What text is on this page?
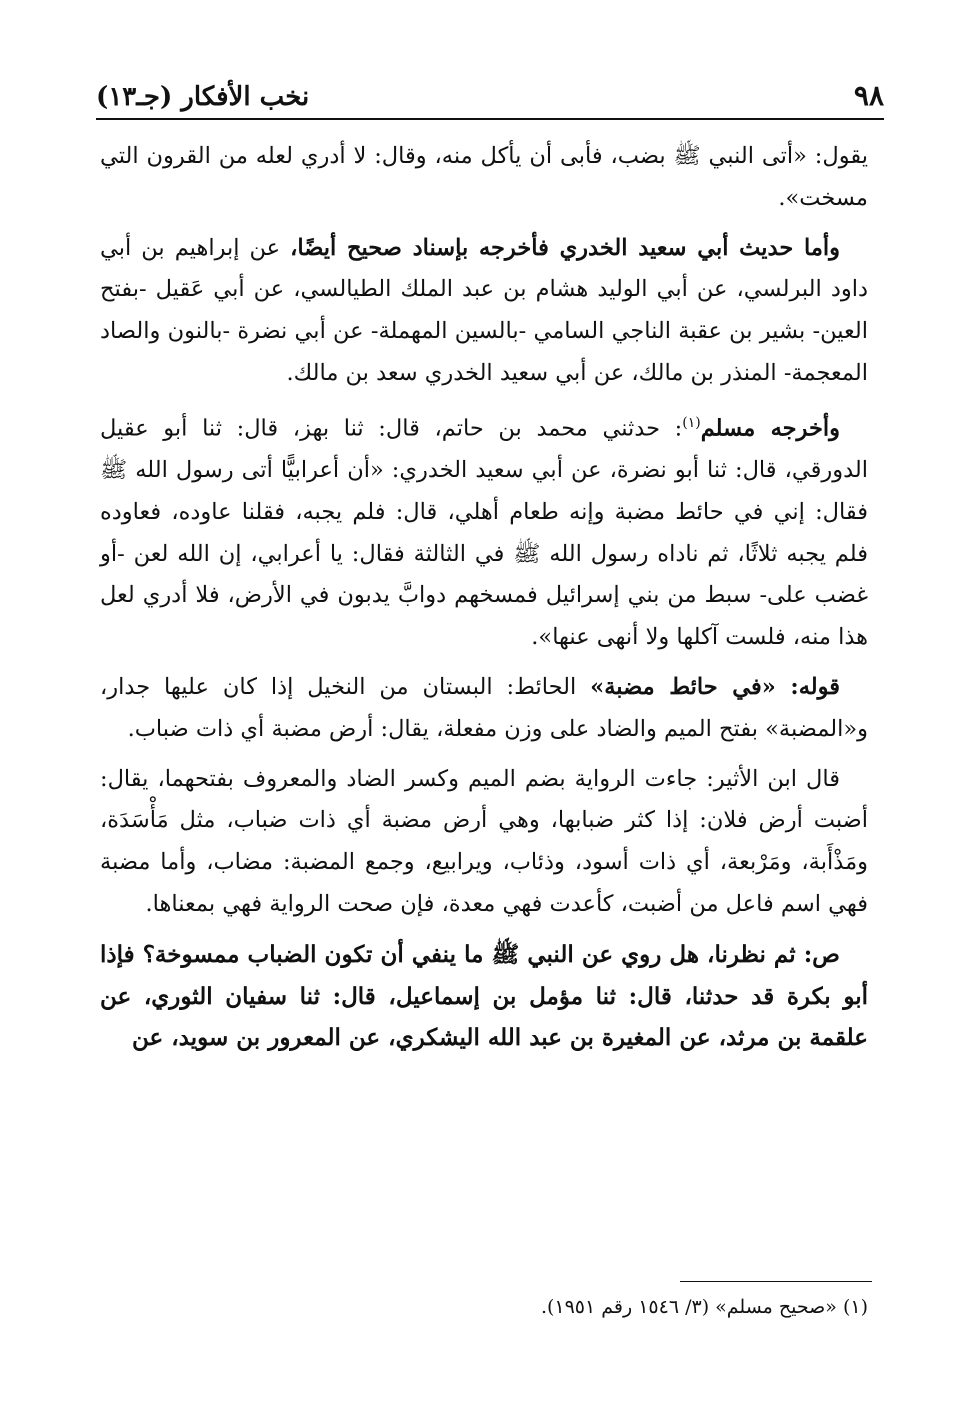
نخب الأفكار (جـ١٣)	٩٨

يقول: «أتى النبي ﷺ بضب، فأبى أن يأكل منه، وقال: لا أدري لعله من القرون التي مسخت».

وأما حديث أبي سعيد الخدري فأخرجه بإسناد صحيح أيضًا، عن إبراهيم بن أبي داود البرلسي، عن أبي الوليد هشام بن عبد الملك الطيالسي، عن أبي عَقيل -بفتح العين- بشير بن عقبة الناجي السامي -بالسين المهملة- عن أبي نضرة -بالنون والصاد المعجمة- المنذر بن مالك، عن أبي سعيد الخدري سعد بن مالك.

وأخرجه مسلم$^{(١)}$: حدثني محمد بن حاتم، قال: ثنا بهز، قال: ثنا أبو عقيل الدورقي، قال: ثنا أبو نضرة، عن أبي سعيد الخدري: «أن أعرابيًّا أتى رسول الله ﷺ فقال: إني في حائط مضبة وإنه طعام أهلي، قال: فلم يجبه، فقلنا عاوده، فعاوده فلم يجبه ثلاثًا، ثم ناداه رسول الله ﷺ في الثالثة فقال: يا أعرابي، إن الله لعن -أو غضب على- سبط من بني إسرائيل فمسخهم دوابَّ يدبون في الأرض، فلا أدري لعل هذا منه، فلست آكلها ولا أنهى عنها».

قوله: «في حائط مضبة» الحائط: البستان من النخيل إذا كان عليها جدار، و«المضبة» بفتح الميم والضاد على وزن مفعلة، يقال: أرض مضبة أي ذات ضباب.

قال ابن الأثير: جاءت الرواية بضم الميم وكسر الضاد والمعروف بفتحهما، يقال: أضبت أرض فلان: إذا كثر ضبابها، وهي أرض مضبة أي ذات ضباب، مثل مَأْسَدَة، ومَذْأَبة، ومَرْبعة، أي ذات أسود، وذئاب، ويرابيع، وجمع المضبة: مضاب، وأما مضبة فهي اسم فاعل من أضبت، كأعدت فهي معدة، فإن صحت الرواية فهي بمعناها.

ص: ثم نظرنا، هل روي عن النبي ﷺ ما ينفي أن تكون الضباب ممسوخة؟ فإذا أبو بكرة قد حدثنا، قال: ثنا مؤمل بن إسماعيل، قال: ثنا سفيان الثوري، عن علقمة بن مرثد، عن المغيرة بن عبد الله اليشكري، عن المعرور بن سويد، عن

(١) «صحيح مسلم» (٣/ ١٥٤٦ رقم ١٩٥١).
